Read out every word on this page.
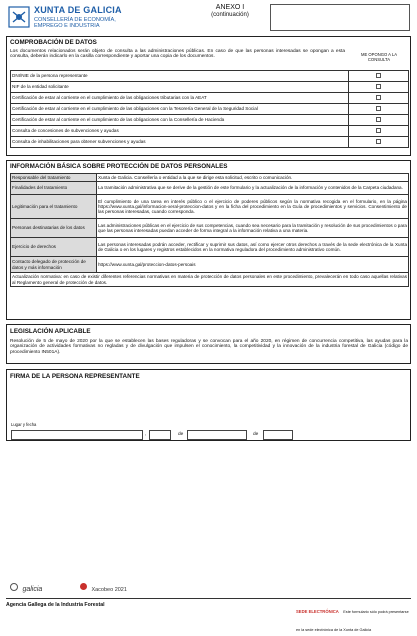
XUNTA DE GALICIA
CONSELLERÍA DE ECONOMÍA,
EMPREGO E INDUSTRIA
ANEXO I
(continuación)
COMPROBACIÓN DE DATOS
Los documentos relacionados serán objeto de consulta a las administraciones públicas. En caso de que las personas interesadas se opongan a esta consulta, deberán indicarlo en la casilla correspondiente y aportar una copia de los documentos.	ME OPONGO A LA CONSULTA
DNI/NIE de la persona representante	
NIF de la entidad solicitante	
Certificación de estar al corriente en el cumplimiento de las obligaciones tributarias con la AEAT	
Certificación de estar al corriente en el cumplimiento de las obligaciones con la Tesorería General de la Seguridad Social	
Certificación de estar al corriente en el cumplimiento de las obligaciones con la Consellería de Hacienda	
Consulta de concesiones de subvenciones y ayudas	
Consulta de inhabilitaciones para obtener subvenciones y ayudas	
INFORMACIÓN BÁSICA SOBRE PROTECCIÓN DE DATOS PERSONALES
Responsable del tratamiento	Xunta de Galicia. Consellería o entidad a la que se dirige esta solicitud, escrito o comunicación.
Finalidades del tratamiento	La tramitación administrativa que se derive de la gestión de este formulario y la actualización de la información y contenidos de la Carpeta ciudadana.
Legitimación para el tratamiento	El cumplimiento de una tarea en interés público o el ejercicio de poderes públicos según la normativa recogida en el formulario, en la página https://www.xunta.gal/informacion-xeral-proteccion-datos y en la ficha del procedimiento en la Guía de procedimientos y servicios. Consentimiento de las personas interesadas, cuando corresponda.
Personas destinatarias de los datos	Las administraciones públicas en el ejercicio de sus competencias, cuando sea necesario para la tramitación y resolución de sus procedimientos o para que las personas interesadas puedan acceder de forma integral a la información relativa a una materia.
Ejercicio de derechos	Las personas interesadas podrán acceder, rectificar y suprimir sus datos, así como ejercer otros derechos a través de la sede electrónica de la Xunta de Galicia o en los lugares y registros establecidos en la normativa reguladora del procedimiento administrativo común.
Contacto delegado de protección de datos y más información	https://www.xunta.gal/proteccion-datos-persoais
Actualización normativa: en caso de existir diferentes referencias normativas en materia de protección de datos personales en este procedimiento, prevalecerán en todo caso aquellas relativas al Reglamento general de protección de datos.	
LEGISLACIÓN APLICABLE
Resolución de 5 de mayo de 2020 por la que se establecen las bases reguladoras y se convocan para el año 2020, en régimen de concurrencia competitiva, las ayudas para la organización de actividades formativas no regladas y de divulgación que impulsen el conocimiento, la competitividad y la innovación de la industria forestal de Galicia (código de procedimiento IN501A).
FIRMA DE LA PERSONA REPRESENTANTE
Lugar y fecha
,	de	de
galicia	Xacobeo 2021
Agencia Gallega de la Industria Forestal
SEDE ELECTRÓNICA Este formulario sólo podrá presentarse en la sede electrónica de la Xunta de Galicia
